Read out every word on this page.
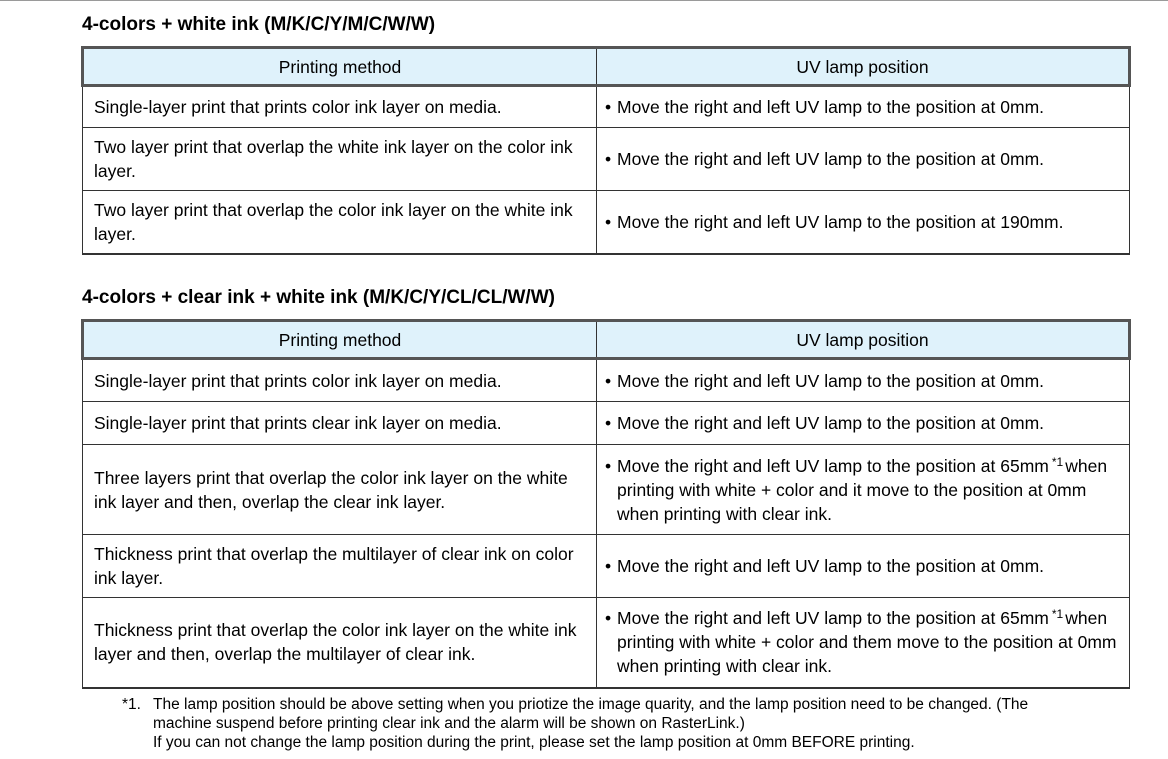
4-colors + white ink (M/K/C/Y/M/C/W/W)
Printing method	UV lamp position
Single-layer print that prints color ink layer on media.	• Move the right and left UV lamp to the position at 0mm.

Two layer print that overlap the white ink layer on the color ink layer.	• Move the right and left UV lamp to the position at 0mm.

Two layer print that overlap the color ink layer on the white ink layer.	• Move the right and left UV lamp to the position at 190mm.
4-colors + clear ink + white ink (M/K/C/Y/CL/CL/W/W)
Printing method	UV lamp position
Single-layer print that prints color ink layer on media.	• Move the right and left UV lamp to the position at 0mm.

Single-layer print that prints clear ink layer on media.	• Move the right and left UV lamp to the position at 0mm.

Three layers print that overlap the color ink layer on the white ink layer and then, overlap the clear ink layer.	• Move the right and left UV lamp to the position at 65mm $^{*1}$ when printing with white + color and it move to the position at 0mm when printing with clear ink.

Thickness print that overlap the multilayer of clear ink on color ink layer.	• Move the right and left UV lamp to the position at 0mm.

Thickness print that overlap the color ink layer on the white ink layer and then, overlap the multilayer of clear ink.	• Move the right and left UV lamp to the position at 65mm $^{*1}$ when printing with white + color and them move to the position at 0mm when printing with clear ink.
*1. The lamp position should be above setting when you priotize the image quarity, and the lamp position need to be changed. (The
machine suspend before printing clear ink and the alarm will be shown on RasterLink.)
If you can not change the lamp position during the print, please set the lamp position at 0mm BEFORE printing.
